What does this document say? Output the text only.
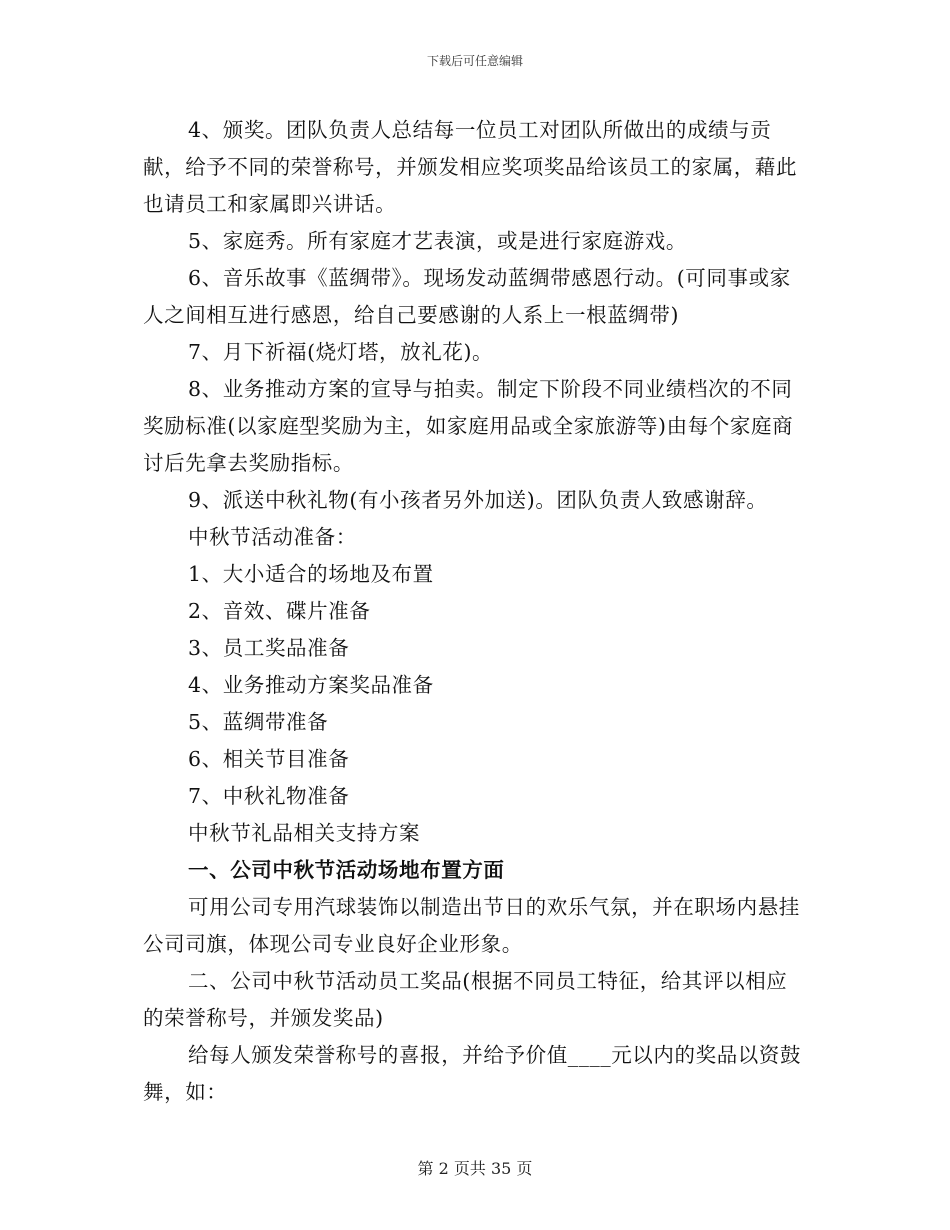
下载后可任意编辑

4、颁奖。团队负责人总结每一位员工对团队所做出的成绩与贡献，给予不同的荣誉称号，并颁发相应奖项奖品给该员工的家属，藉此也请员工和家属即兴讲话。

5、家庭秀。所有家庭才艺表演，或是进行家庭游戏。

6、音乐故事《蓝绸带》。现场发动蓝绸带感恩行动。(可同事或家人之间相互进行感恩，给自己要感谢的人系上一根蓝绸带)

7、月下祈福(烧灯塔，放礼花)。

8、业务推动方案的宣导与拍卖。制定下阶段不同业绩档次的不同奖励标准(以家庭型奖励为主，如家庭用品或全家旅游等)由每个家庭商讨后先拿去奖励指标。

9、派送中秋礼物(有小孩者另外加送)。团队负责人致感谢辞。

中秋节活动准备：

1、大小适合的场地及布置

2、音效、碟片准备

3、员工奖品准备

4、业务推动方案奖品准备

5、蓝绸带准备

6、相关节目准备

7、中秋礼物准备

中秋节礼品相关支持方案

一、公司中秋节活动场地布置方面

可用公司专用汽球装饰以制造出节日的欢乐气氛，并在职场内悬挂公司司旗，体现公司专业良好企业形象。

二、公司中秋节活动员工奖品(根据不同员工特征，给其评以相应的荣誉称号，并颁发奖品)

给每人颁发荣誉称号的喜报，并给予价值____元以内的奖品以资鼓舞，如：

第 2 页共 35 页
